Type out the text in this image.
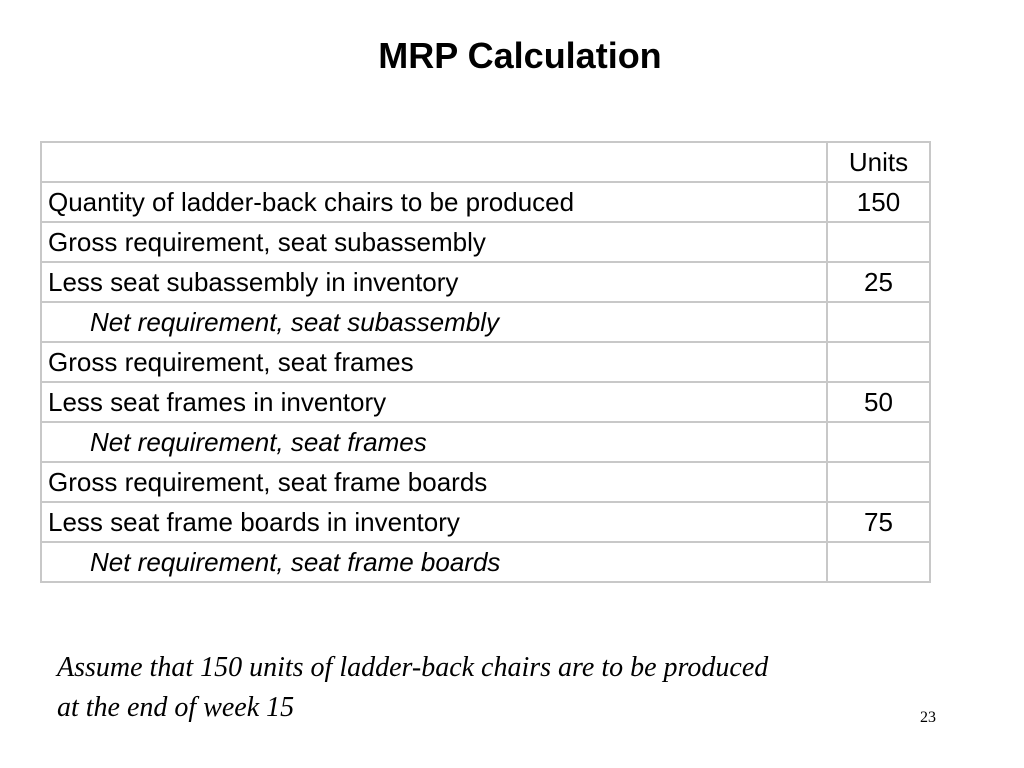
MRP Calculation
	Units
Quantity of ladder-back chairs to be produced	150
Gross requirement, seat subassembly	
Less seat subassembly in inventory	25
Net requirement, seat subassembly	
Gross requirement, seat frames	
Less seat frames in inventory	50
Net requirement, seat frames	
Gross requirement, seat frame boards	
Less seat frame boards in inventory	75
Net requirement, seat frame boards	
Assume that 150 units of ladder-back chairs are to be produced
at the end of week 15	23
